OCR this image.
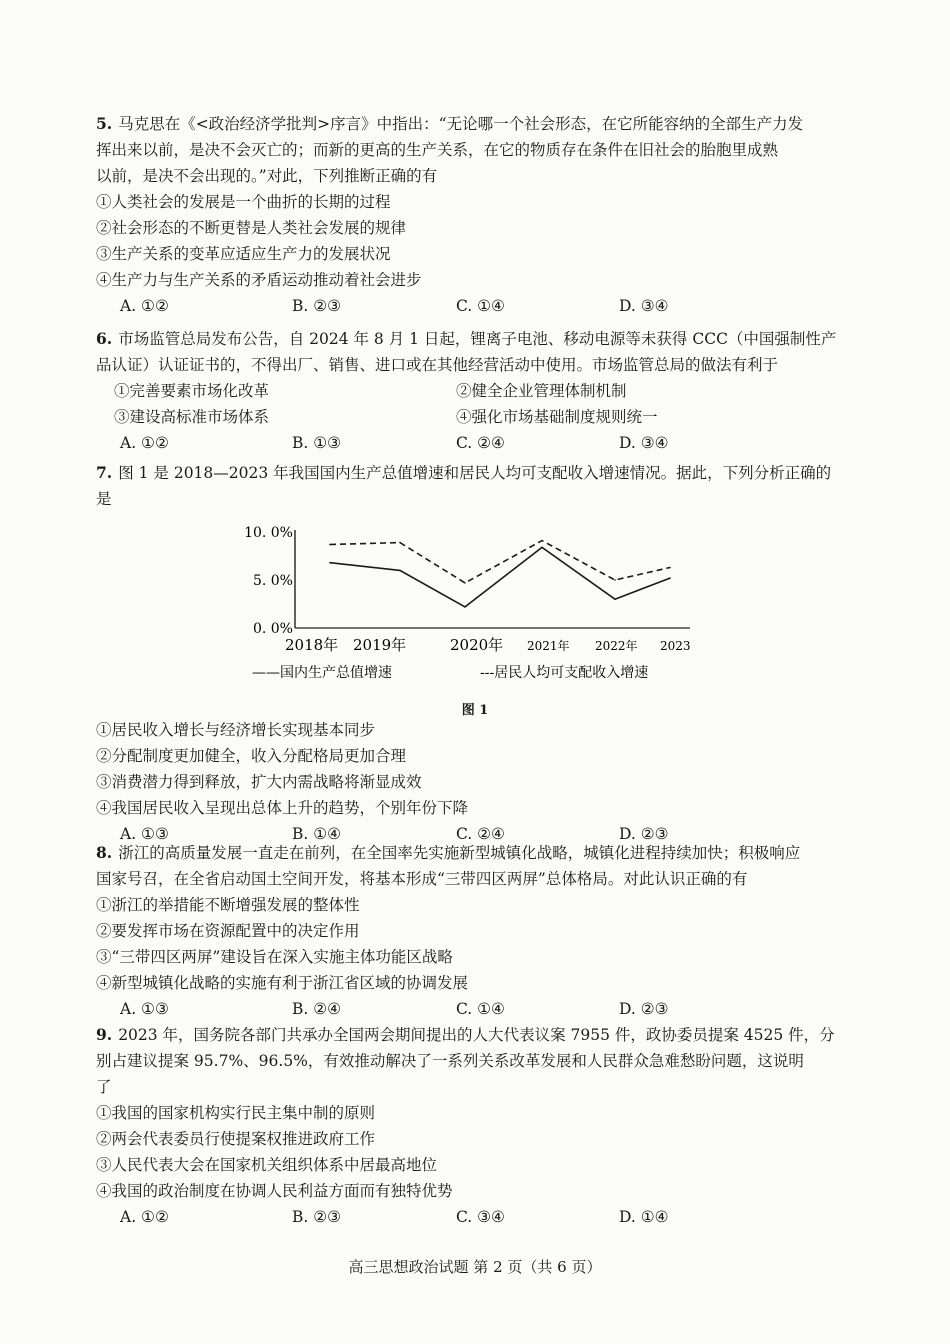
5. 马克思在《<政治经济学批判>序言》中指出：“无论哪一个社会形态，在它所能容纳的全部生产力发
挥出来以前，是决不会灭亡的；而新的更高的生产关系，在它的物质存在条件在旧社会的胎胞里成熟
以前，是决不会出现的。”对此，下列推断正确的有
①人类社会的发展是一个曲折的长期的过程
②社会形态的不断更替是人类社会发展的规律
③生产关系的变革应适应生产力的发展状况
④生产力与生产关系的矛盾运动推动着社会进步
A. ①②	B. ②③	C. ①④	D. ③④
6. 市场监管总局发布公告，自 2024 年 8 月 1 日起，锂离子电池、移动电源等未获得 CCC（中国强制性产
品认证）认证证书的，不得出厂、销售、进口或在其他经营活动中使用。市场监管总局的做法有利于
①完善要素市场化改革	②健全企业管理体制机制
③建设高标准市场体系	④强化市场基础制度规则统一
A. ①②	B. ①③	C. ②④	D. ③④
7. 图 1 是 2018—2023 年我国国内生产总值增速和居民人均可支配收入增速情况。据此，下列分析正确的
是
10. 0%
5. 0%
0. 0%
2018年 2019年	2020年 2021年 2022年 2023
——国内生产总值增速	---居民人均可支配收入增速
图 1
①居民收入增长与经济增长实现基本同步
②分配制度更加健全，收入分配格局更加合理
③消费潜力得到释放，扩大内需战略将渐显成效
④我国居民收入呈现出总体上升的趋势，个别年份下降
A. ①③	B. ①④	C. ②④	D. ②③
8. 浙江的高质量发展一直走在前列，在全国率先实施新型城镇化战略，城镇化进程持续加快；积极响应
国家号召，在全省启动国土空间开发，将基本形成“三带四区两屏”总体格局。对此认识正确的有
①浙江的举措能不断增强发展的整体性
②要发挥市场在资源配置中的决定作用
③“三带四区两屏”建设旨在深入实施主体功能区战略
④新型城镇化战略的实施有利于浙江省区域的协调发展
A. ①③	B. ②④	C. ①④	D. ②③
9. 2023 年，国务院各部门共承办全国两会期间提出的人大代表议案 7955 件，政协委员提案 4525 件，分
别占建议提案 95.7%、96.5%，有效推动解决了一系列关系改革发展和人民群众急难愁盼问题，这说明
了
①我国的国家机构实行民主集中制的原则
②两会代表委员行使提案权推进政府工作
③人民代表大会在国家机关组织体系中居最高地位
④我国的政治制度在协调人民利益方面而有独特优势
A. ①②	B. ②③	C. ③④	D. ①④
高三思想政治试题 第 2 页（共 6 页）
